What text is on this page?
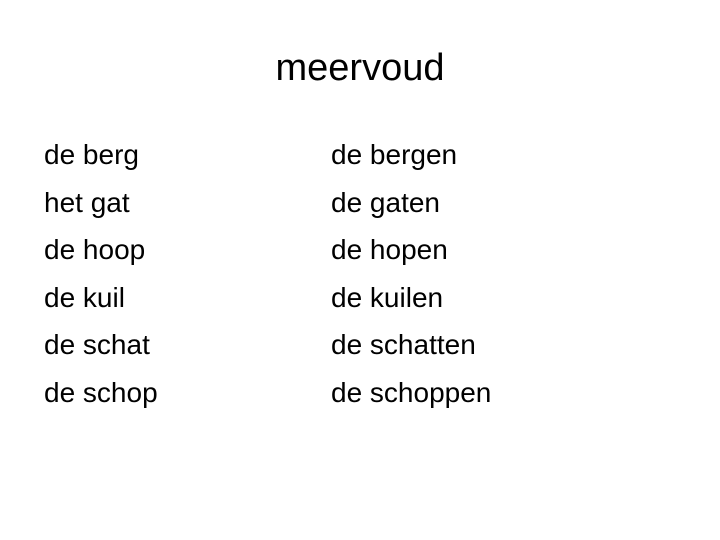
meervoud
de berg
het gat
de hoop
de kuil
de schat
de schop
de bergen
de gaten
de hopen
de kuilen
de schatten
de schoppen
